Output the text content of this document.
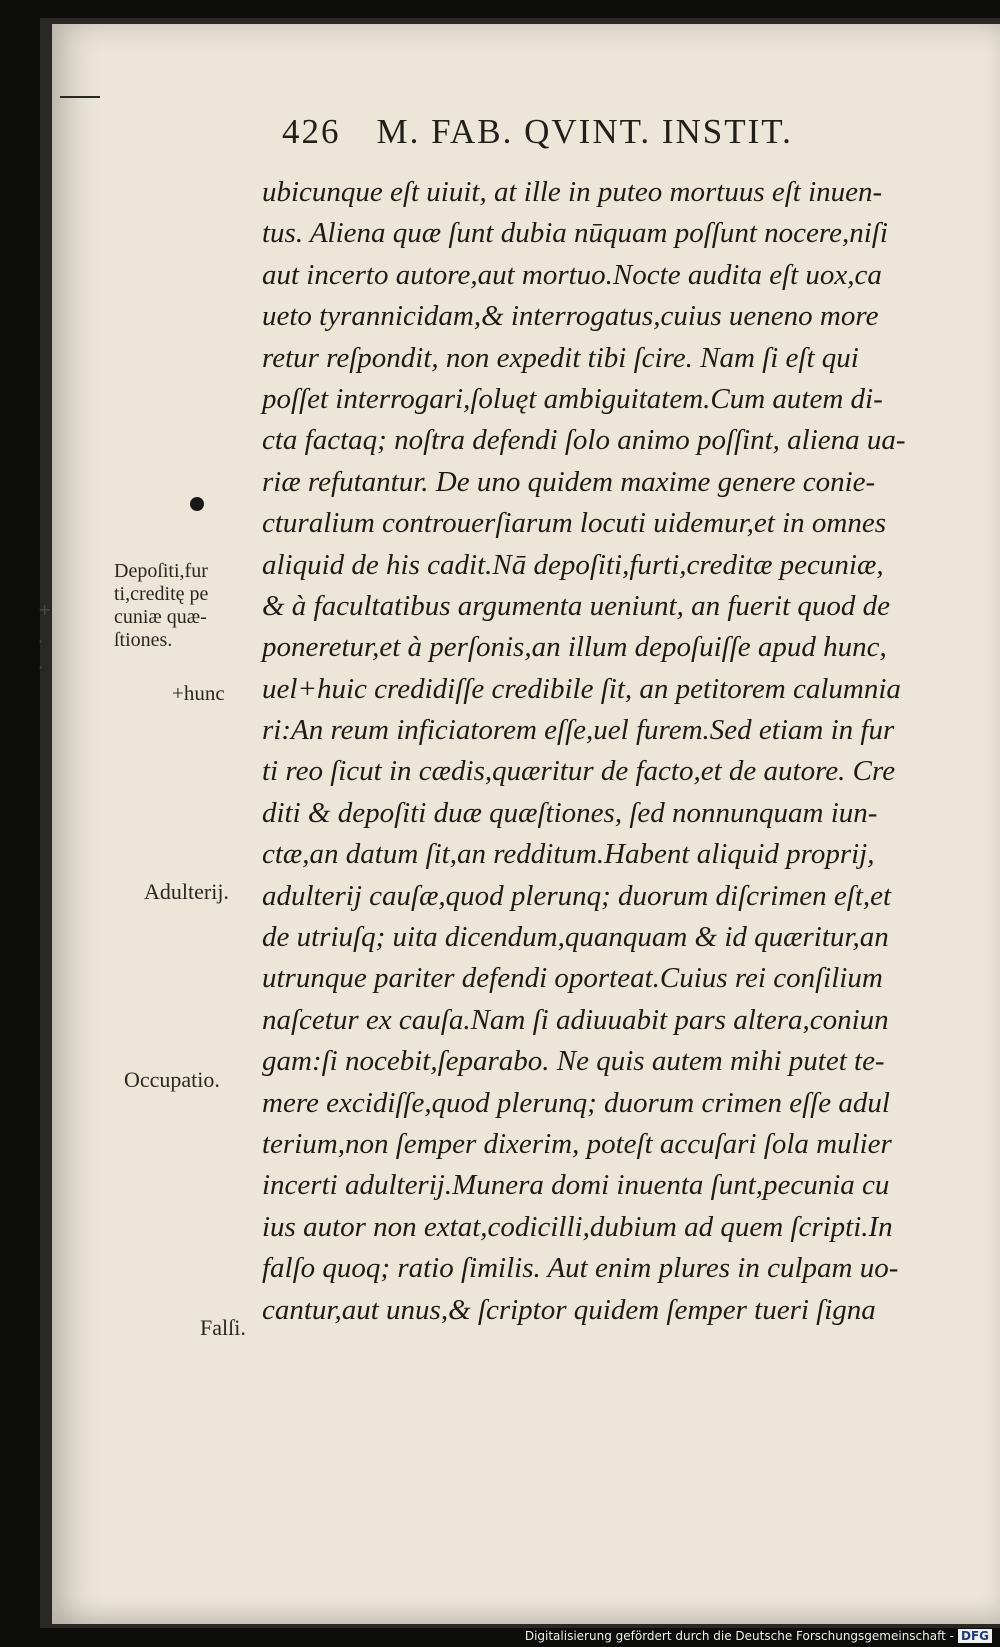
426 M. FAB. QVINT. INSTIT.
Depoſiti,fur
ti,creditę pe
cuniæ quæ-
ſtiones.
+hunc
Adulterij.
Occupatio.
Falſi.
ubicunque eſt uiuit, at ille in puteo mortuus eſt inuen-
tus. Aliena quæ ſunt dubia nūquam poſſunt nocere,niſi
aut incerto autore,aut mortuo.Nocte audita eſt uox,ca
ueto tyrannicidam,& interrogatus,cuius ueneno more
retur reſpondit, non expedit tibi ſcire. Nam ſi eſt qui
poſſet interrogari,ſoluęt ambiguitatem.Cum autem di-
cta factaq; noſtra defendi ſolo animo poſſint, aliena ua-
riæ refutantur. De uno quidem maxime genere conie-
cturalium controuerſiarum locuti uidemur,et in omnes
aliquid de his cadit.Nā depoſiti,furti,creditæ pecuniæ,
& à facultatibus argumenta ueniunt, an fuerit quod de
poneretur,et à perſonis,an illum depoſuiſſe apud hunc,
uel+huic credidiſſe credibile ſit, an petitorem calumnia
ri:An reum inficiatorem eſſe,uel furem.Sed etiam in fur
ti reo ſicut in cædis,quæritur de facto,et de autore. Cre
diti & depoſiti duæ quæſtiones, ſed nonnunquam iun-
ctæ,an datum ſit,an redditum.Habent aliquid proprij,
adulterij cauſæ,quod plerunq; duorum diſcrimen eſt,et
de utriuſq; uita dicendum,quanquam & id quæritur,an
utrunque pariter defendi oporteat.Cuius rei conſilium
naſcetur ex cauſa.Nam ſi adiuuabit pars altera,coniun
gam:ſi nocebit,ſeparabo. Ne quis autem mihi putet te-
mere excidiſſe,quod plerunq; duorum crimen eſſe adul
terium,non ſemper dixerim, poteſt accuſari ſola mulier
incerti adulterij.Munera domi inuenta ſunt,pecunia cu
ius autor non extat,codicilli,dubium ad quem ſcripti.In
falſo quoq; ratio ſimilis. Aut enim plures in culpam uo-
cantur,aut unus,& ſcriptor quidem ſemper tueri ſigna
+
·
·
Digitalisierung gefördert durch die Deutsche Forschungsgemeinschaft - DFG
